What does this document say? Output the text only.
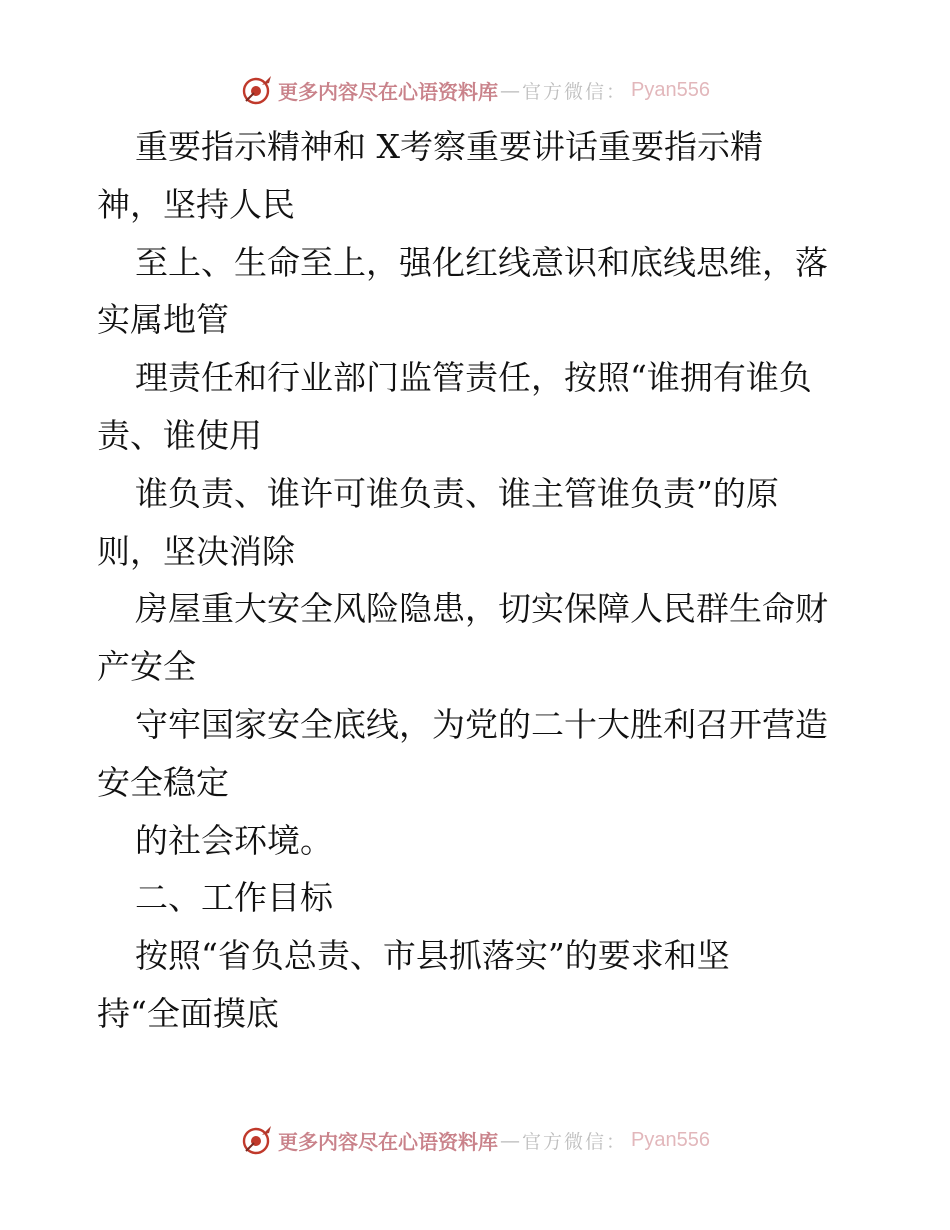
更多内容尽在心语资料库 — 官方微信： Pyan556
重要指示精神和 X考察重要讲话重要指示精
神，坚持人民
至上、生命至上，强化红线意识和底线思维，落
实属地管
理责任和行业部门监管责任，按照“谁拥有谁负
责、谁使用
谁负责、谁许可谁负责、谁主管谁负责”的原
则，坚决消除
房屋重大安全风险隐患，切实保障人民群生命财
产安全
守牢国家安全底线，为党的二十大胜利召开营造
安全稳定
的社会环境。
二、工作目标
按照“省负总责、市县抓落实”的要求和坚
持“全面摸底
更多内容尽在心语资料库 — 官方微信： Pyan556
